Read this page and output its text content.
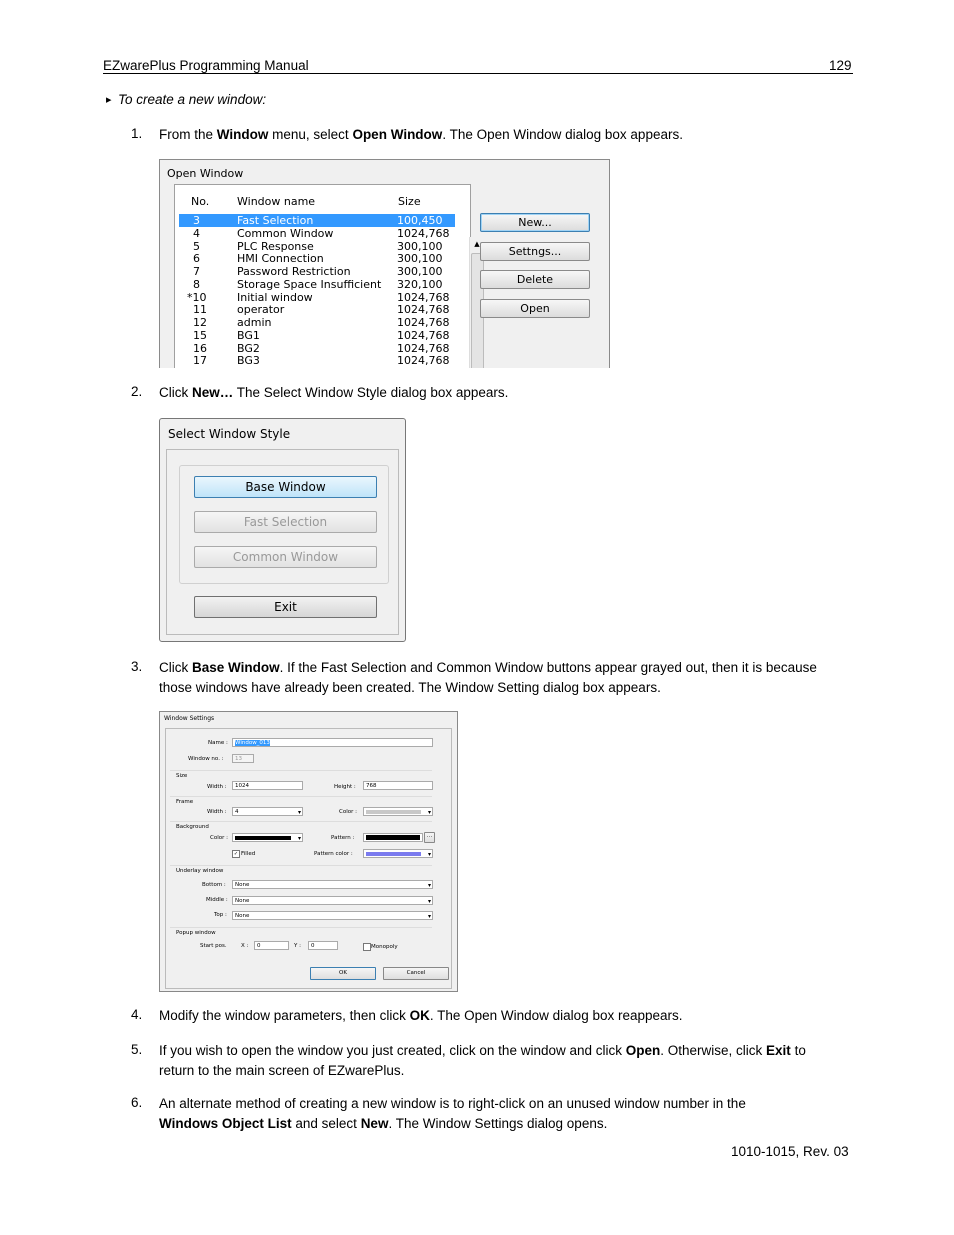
EZwarePlus Programming Manual	129
▸ To create a new window:
1. From the Window menu, select Open Window. The Open Window dialog box appears.
Open Window
No.	Window name	Size
3	Fast Selection	100,450
4	Common Window	1024,768
5	PLC Response	300,100
6	HMI Connection	300,100
7	Password Restriction	300,100
8	Storage Space Insufficient 320,100
*10	Initial window	1024,768
11	operator	1024,768
12	admin	1024,768
15	BG1	1024,768
16	BG2	1024,768
17	BG3	1024,768
▲
New...
Settngs...
Delete
Open
2. Click New… The Select Window Style dialog box appears.
Select Window Style
Base Window
Fast Selection
Common Window
Exit
3. Click Base Window. If the Fast Selection and Common Window buttons appear grayed out, then it is because
those windows have already been created. The Window Setting dialog box appears.
Window Settings
Name :	Window_013
Window no. :	13
Size
Width :	1024	Height :	768
Frame
Width :	4 ▾	Color :
▾
Background
Color :
▾	Pattern :	…
✓ Filled	Pattern color :
▾
Underlay window
Bottom :	None ▾
Middle :	None ▾
Top :	None ▾
Popup window
Start pos.	X :	0	Y :	0	Monopoly
OK	Cancel
4. Modify the window parameters, then click OK. The Open Window dialog box reappears.
5. If you wish to open the window you just created, click on the window and click Open. Otherwise, click Exit to
return to the main screen of EZwarePlus.
6. An alternate method of creating a new window is to right-click on an unused window number in the
Windows Object List and select New. The Window Settings dialog opens.
1010-1015, Rev. 03
